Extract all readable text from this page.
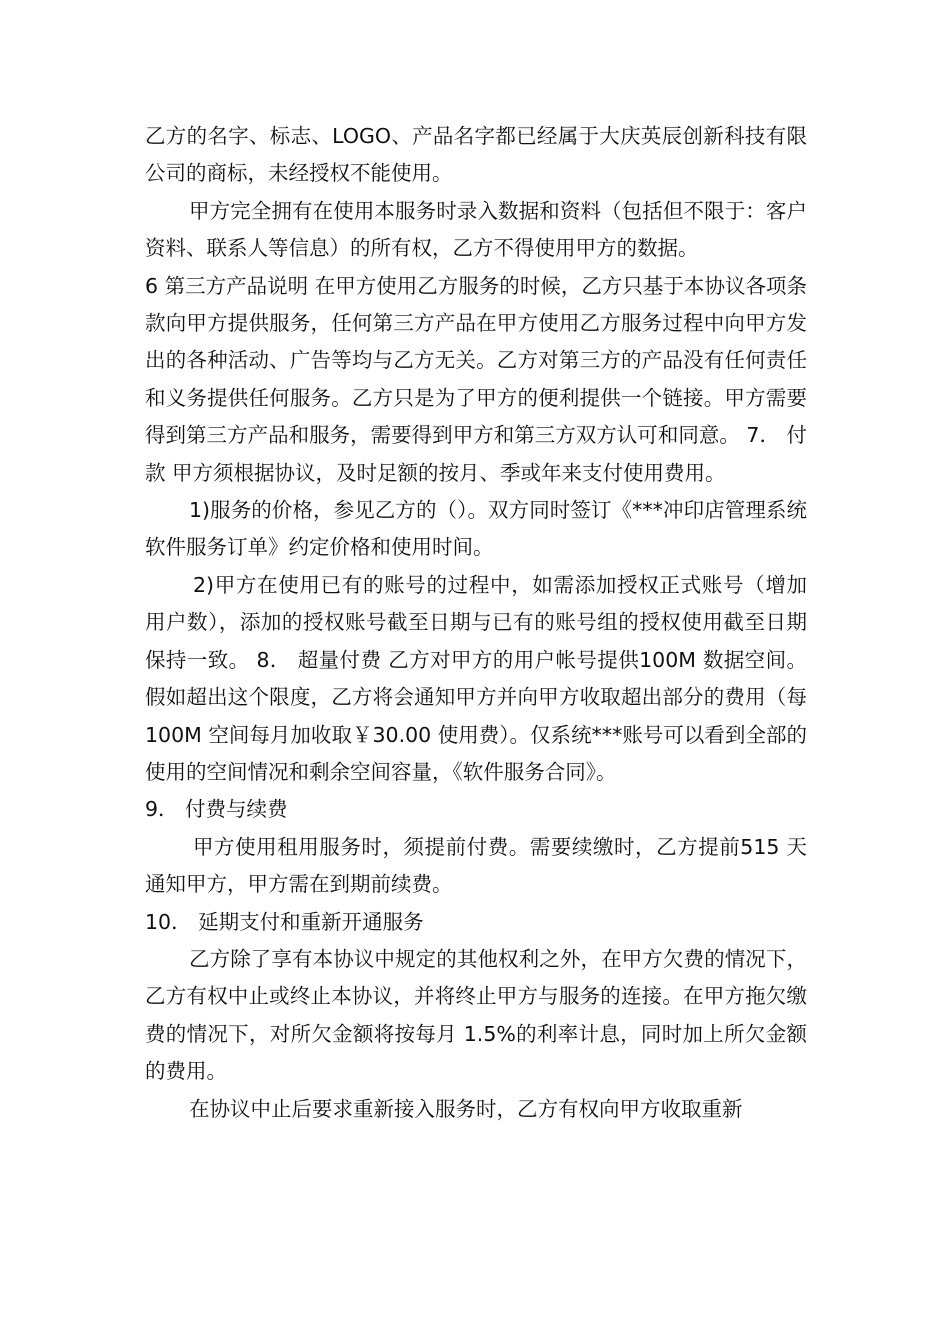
乙方的名字、标志、LOGO、产品名字都已经属于大庆英辰创新科技有限公司的商标，未经授权不能使用。

甲方完全拥有在使用本服务时录入数据和资料（包括但不限于：客户资料、联系人等信息）的所有权，乙方不得使用甲方的数据。

6 第三方产品说明 在甲方使用乙方服务的时候，乙方只基于本协议各项条款向甲方提供服务，任何第三方产品在甲方使用乙方服务过程中向甲方发出的各种活动、广告等均与乙方无关。乙方对第三方的产品没有任何责任和义务提供任何服务。乙方只是为了甲方的便利提供一个链接。甲方需要得到第三方产品和服务，需要得到甲方和第三方双方认可和同意。 7． 付款 甲方须根据协议，及时足额的按月、季或年来支付使用费用。

1)服务的价格，参见乙方的（）。双方同时签订《***冲印店管理系统软件服务订单》约定价格和使用时间。

2)甲方在使用已有的账号的过程中，如需添加授权正式账号（增加用户数），添加的授权账号截至日期与已有的账号组的授权使用截至日期保持一致。 8． 超量付费 乙方对甲方的用户帐号提供100M 数据空间。假如超出这个限度，乙方将会通知甲方并向甲方收取超出部分的费用（每 100M 空间每月加收取￥30.00 使用费）。仅系统***账号可以看到全部的使用的空间情况和剩余空间容量，《软件服务合同》。

9． 付费与续费

甲方使用租用服务时，须提前付费。需要续缴时，乙方提前515 天通知甲方，甲方需在到期前续费。

10． 延期支付和重新开通服务

乙方除了享有本协议中规定的其他权利之外，在甲方欠费的情况下，乙方有权中止或终止本协议，并将终止甲方与服务的连接。在甲方拖欠缴费的情况下，对所欠金额将按每月 1.5%的利率计息，同时加上所欠金额的费用。

在协议中止后要求重新接入服务时，乙方有权向甲方收取重新
